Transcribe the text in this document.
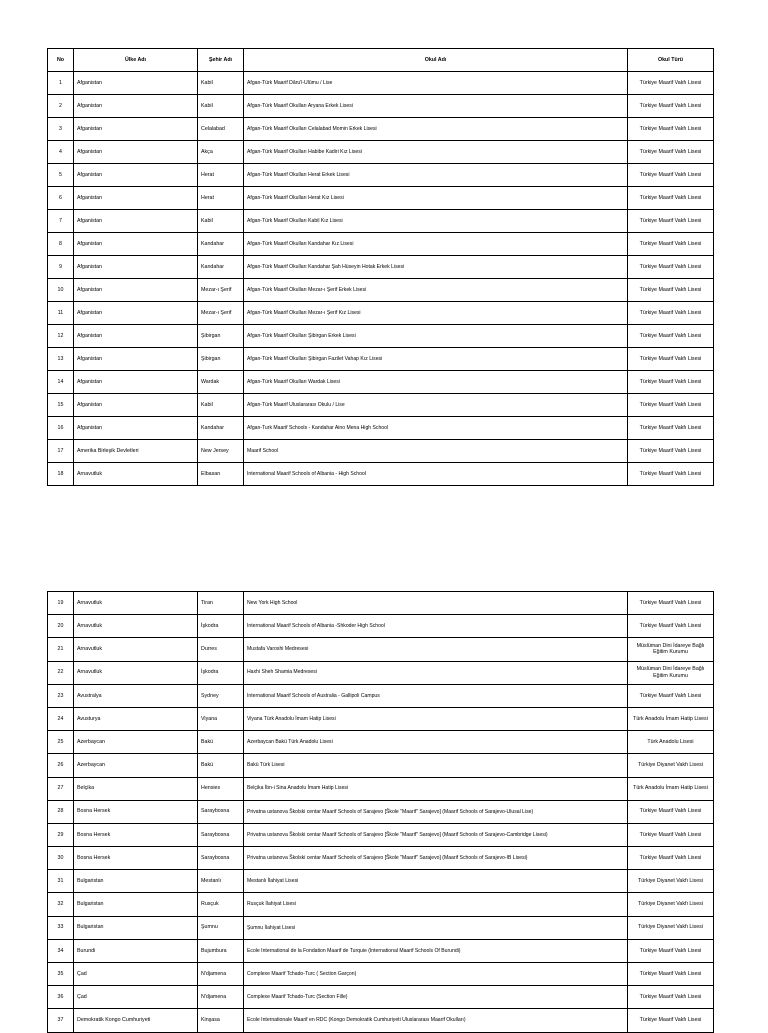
No	Ülke Adı	Şehir Adı	Okul Adı	Okul Türü
1	Afganistan	Kabil	Afgan-Türk Maarif Dâru'l-Ulûmu / Lise	Türkiye Maarif Vakfı Lisesi
2	Afganistan	Kabil	Afgan-Türk Maarif Okulları Aryana Erkek Lisesi	Türkiye Maarif Vakfı Lisesi
3	Afganistan	Celalabad	Afgan-Türk Maarif Okulları Celalabad Momin Erkek Lisesi	Türkiye Maarif Vakfı Lisesi
4	Afganistan	Akça	Afgan-Türk Maarif Okulları Habibe Kadiri Kız Lisesi	Türkiye Maarif Vakfı Lisesi
5	Afganistan	Herat	Afgan-Türk Maarif Okulları Herat Erkek Lisesi	Türkiye Maarif Vakfı Lisesi
6	Afganistan	Herat	Afgan-Türk Maarif Okulları Herat Kız Lisesi	Türkiye Maarif Vakfı Lisesi
7	Afganistan	Kabil	Afgan-Türk Maarif Okulları Kabil Kız Lisesi	Türkiye Maarif Vakfı Lisesi
8	Afganistan	Kandahar	Afgan-Türk Maarif Okulları Kandahar Kız Lisesi	Türkiye Maarif Vakfı Lisesi
9	Afganistan	Kandahar	Afgan-Türk Maarif Okulları Kandahar Şah Hüseyin Hotak Erkek Lisesi	Türkiye Maarif Vakfı Lisesi
10	Afganistan	Mezar-ı Şerif	Afgan-Türk Maarif Okulları Mezar-ı Şerif Erkek Lisesi	Türkiye Maarif Vakfı Lisesi
11	Afganistan	Mezar-ı Şerif	Afgan-Türk Maarif Okulları Mezar-ı Şerif Kız Lisesi	Türkiye Maarif Vakfı Lisesi
12	Afganistan	Şibirgan	Afgan-Türk Maarif Okulları Şibirgan Erkek Lisesi	Türkiye Maarif Vakfı Lisesi
13	Afganistan	Şibirgan	Afgan-Türk Maarif Okulları Şibirgan Fazilet Vahap Kız Lisesi	Türkiye Maarif Vakfı Lisesi
14	Afganistan	Wardak	Afgan-Türk Maarif Okulları Wardak Lisesi	Türkiye Maarif Vakfı Lisesi
15	Afganistan	Kabil	Afgan-Türk Maarif Uluslararası Okulu / Lise	Türkiye Maarif Vakfı Lisesi
16	Afganistan	Kandahar	Afgan-Turk Maarif Schools - Kandahar Aino Mena High School	Türkiye Maarif Vakfı Lisesi
17	Amerika Birleşik Devletleri	New Jersey	Maarif School	Türkiye Maarif Vakfı Lisesi
18	Arnavutluk	Elbasan	International Maarif Schools of Albania - High School	Türkiye Maarif Vakfı Lisesi
19	Arnavutluk	Tiran	New York High School	Türkiye Maarif Vakfı Lisesi
20	Arnavutluk	İşkodra	International Maarif Schools of Albania -Shkoder High School	Türkiye Maarif Vakfı Lisesi
21	Arnavutluk	Durres	Mustafa Varoshi Medresesi	Müslüman Dini İdareye Bağlı Eğitim Kurumu
22	Arnavutluk	İşkodra	Haxhi Sheh Shamia Medresesi	Müslüman Dini İdareye Bağlı Eğitim Kurumu
23	Avustralya	Sydney	International Maarif Schools of Australia - Gallipoli Campus	Türkiye Maarif Vakfı Lisesi
24	Avusturya	Viyana	Viyana Türk Anadolu İmam Hatip Lisesi	Türk Anadolu İmam Hatip Lisesi
25	Azerbaycan	Bakü	Azerbaycan Bakü Türk Anadolu Lisesi	Türk Anadolu Lisesi
26	Azerbaycan	Bakü	Bakü Türk Lisesi	Türkiye Diyanet Vakfı Lisesi
27	Belçika	Hensies	Belçika İbn-i Sina Anadolu İmam Hatip Lisesi	Türk Anadolu İmam Hatip Lisesi
28	Bosna Hersek	Saraybosna	Privatna ustanova Školski centar Maarif Schools of Sarajevo [Škole "Maarif" Sarajevo] (Maarif Schools of Sarajevo-Ulusal Lise)	Türkiye Maarif Vakfı Lisesi
29	Bosna Hersek	Saraybosna	Privatna ustanova Školski centar Maarif Schools of Sarajevo [Škole "Maarif" Sarajevo] (Maarif Schools of Sarajevo-Cambridge Lisesi)	Türkiye Maarif Vakfı Lisesi
30	Bosna Hersek	Saraybosna	Privatna ustanova Školski centar Maarif Schools of Sarajevo [Škole "Maarif" Sarajevo] (Maarif Schools of Sarajevo-IB Lisesi)	Türkiye Maarif Vakfı Lisesi
31	Bulgaristan	Mestanlı	Mestanlı İlahiyat Lisesi	Türkiye Diyanet Vakfı Lisesi
32	Bulgaristan	Rusçuk	Rusçuk İlahiyat Lisesi	Türkiye Diyanet Vakfı Lisesi
33	Bulgaristan	Şumnu	Şumnu İlahiyat Lisesi	Türkiye Diyanet Vakfı Lisesi
34	Burundi	Bujumbura	Ecole International de la Fondation Maarif de Turquie (International Maarif Schools Of Burundi)	Türkiye Maarif Vakfı Lisesi
35	Çad	N'djamena	Complexe Maarif Tchado-Turc ( Section Garçon)	Türkiye Maarif Vakfı Lisesi
36	Çad	N'djamena	Complexe Maarif Tchado-Turc (Section Fille)	Türkiye Maarif Vakfı Lisesi
37	Demokratik Kongo Cumhuriyeti	Kinşasa	Ecole Internationale Maarif en RDC (Kongo Demokratik Cumhuriyeti Uluslararası Maarif Okulları)	Türkiye Maarif Vakfı Lisesi
